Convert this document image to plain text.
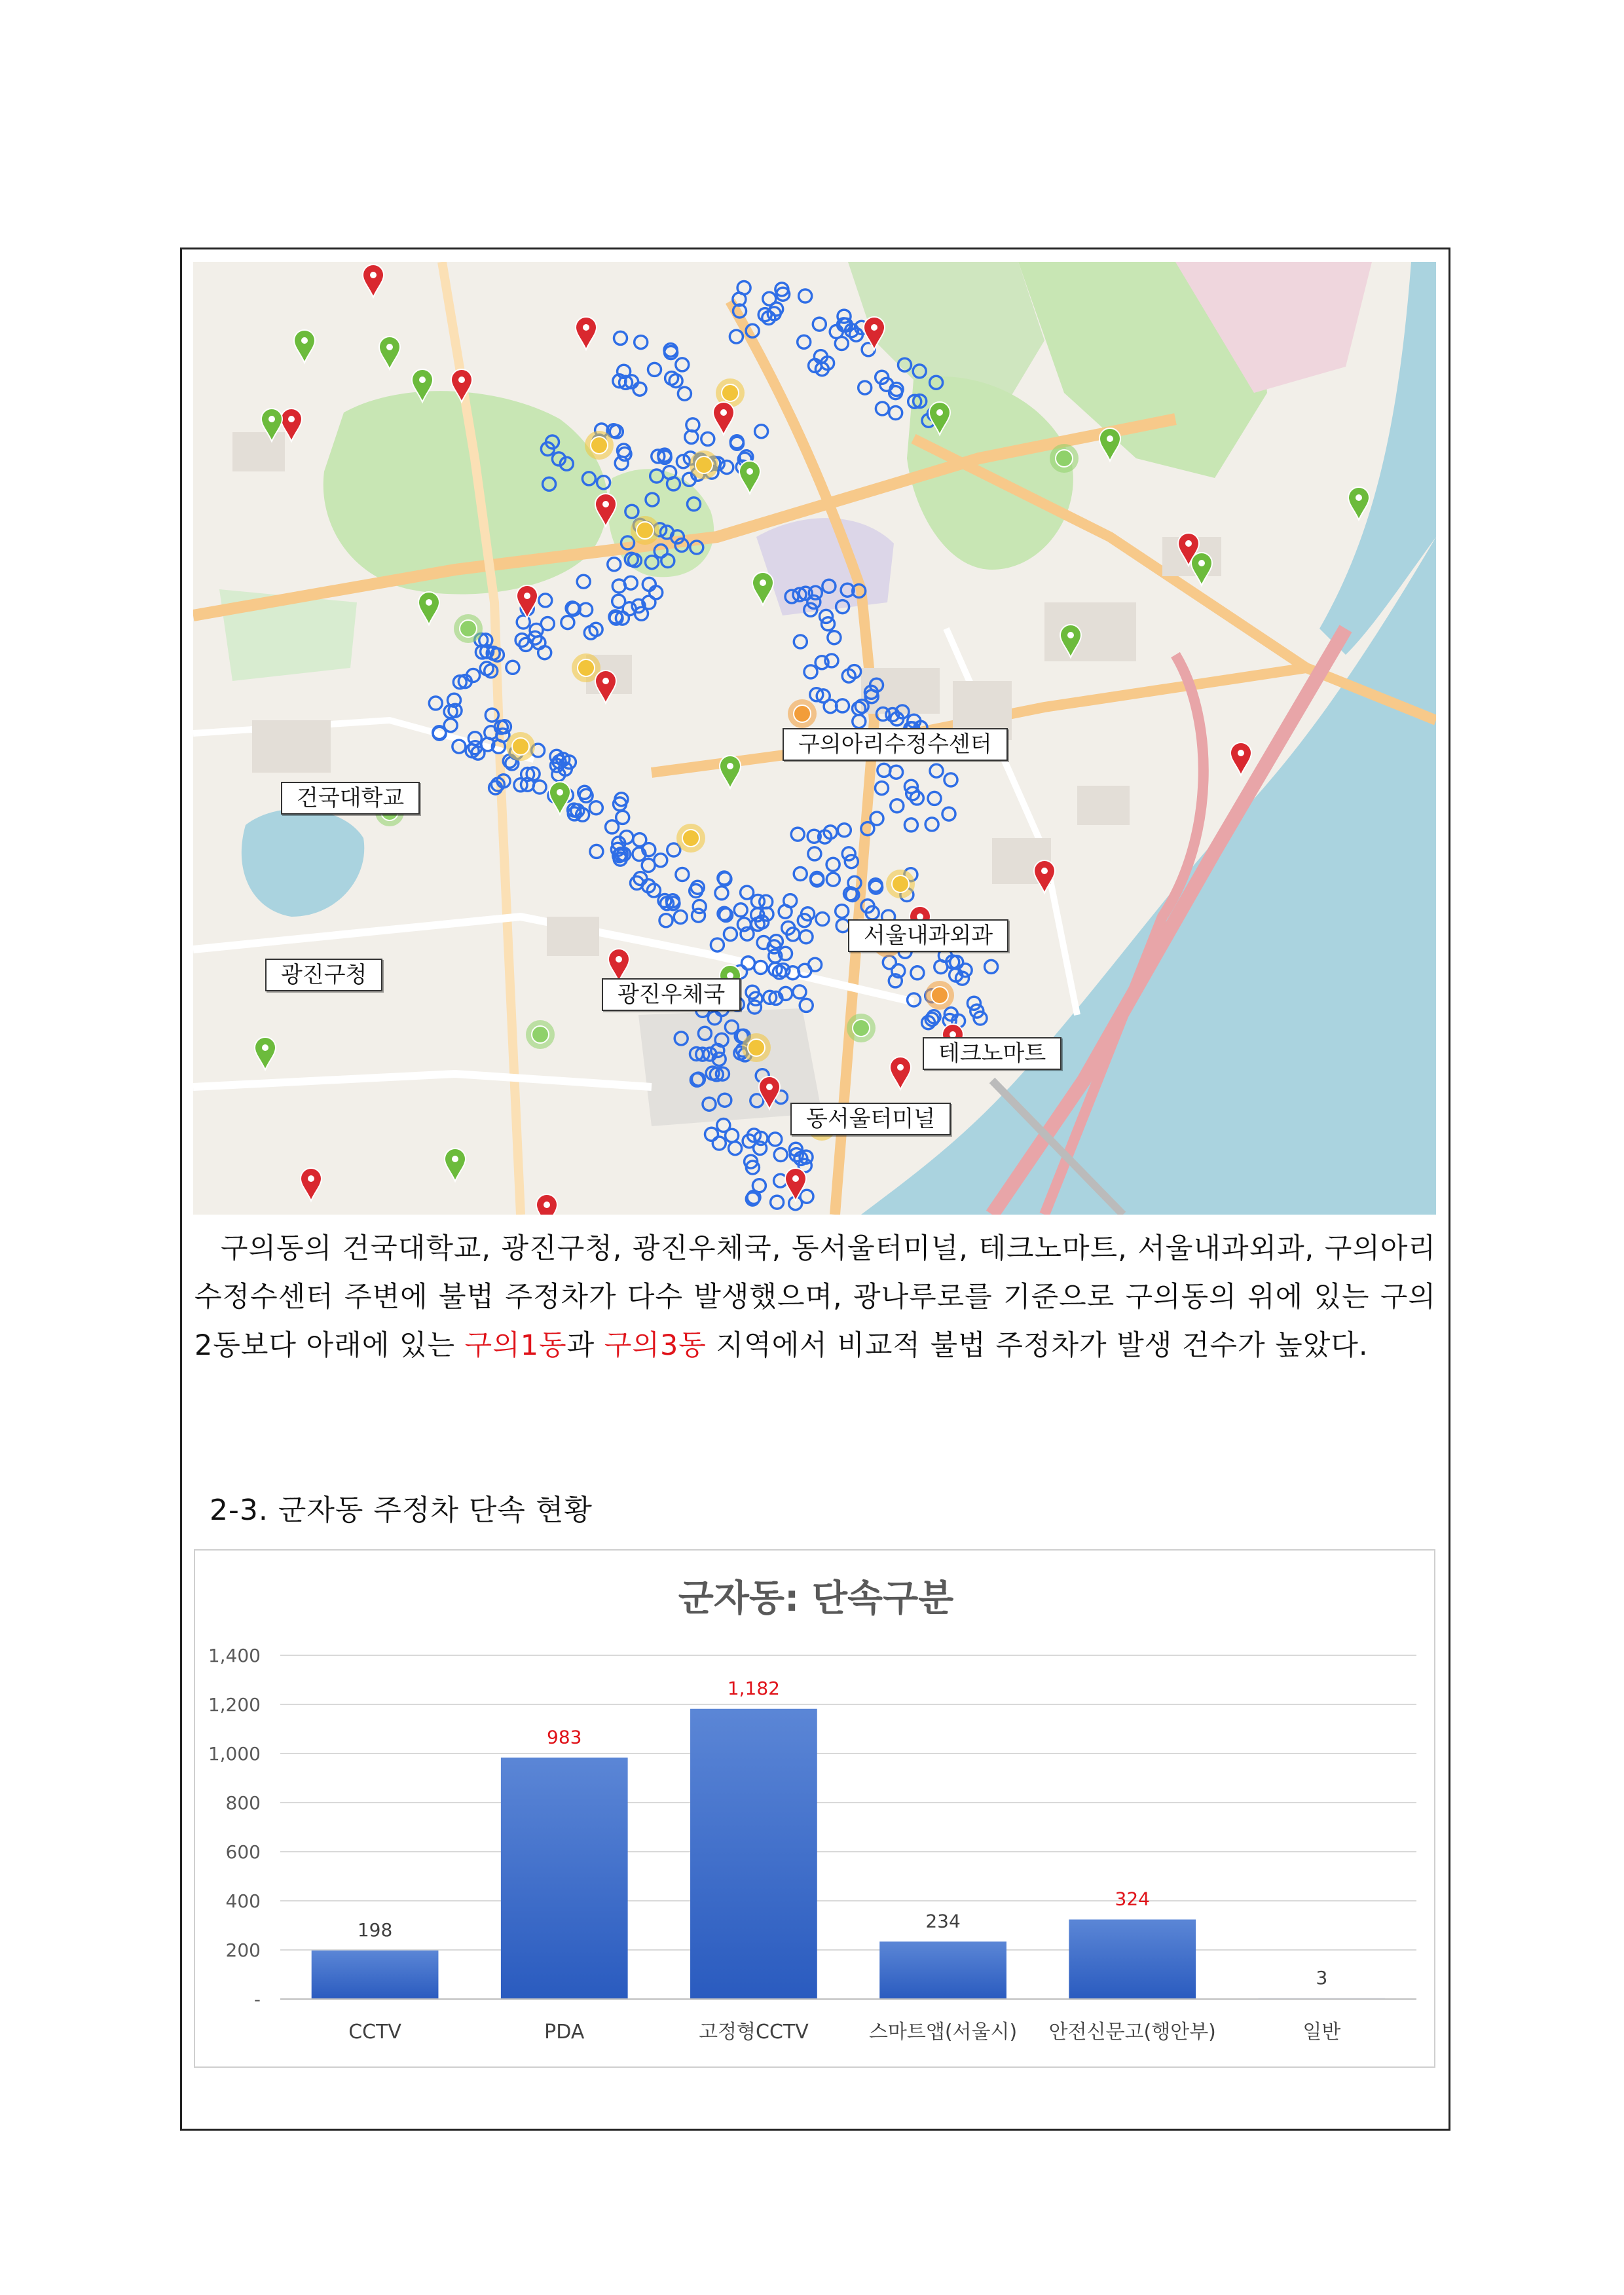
구의아리수정수센터
건국대학교
광진구청
서울내과외과
광진우체국
테크노마트
동서울터미널

구의동의 건국대학교, 광진구청, 광진우체국, 동서울터미널, 테크노마트, 서울내과외과, 구의아리수정수센터 주변에 불법 주정차가 다수 발생했으며, 광나루로를 기준으로 구의동의 위에 있는 구의2동보다 아래에 있는 구의1동과 구의3동 지역에서 비교적 불법 주정차가 발생 건수가 높았다.

2-3. 군자동 주정차 단속 현황
군자동: 단속구분
-
200
400
600
800
1,000
1,200
1,400
198
CCTV
983
PDA
1,182
고정형CCTV
234
스마트앱(서울시)
324
안전신문고(행안부)
3
일반
